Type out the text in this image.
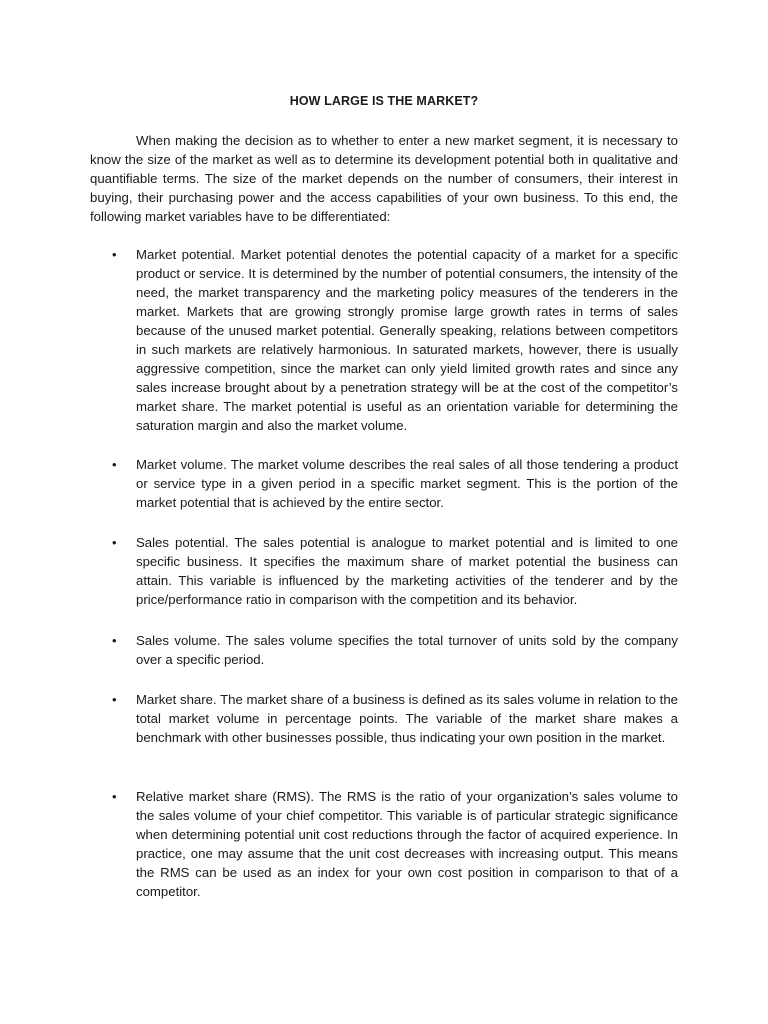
HOW LARGE IS THE MARKET?

When making the decision as to whether to enter a new market segment, it is necessary to know the size of the market as well as to determine its development potential both in qualitative and quantifiable terms. The size of the market depends on the number of consumers, their interest in buying, their purchasing power and the access capabilities of your own business. To this end, the following market variables have to be differentiated:

•	Market potential. Market potential denotes the potential capacity of a market for a specific product or service. It is determined by the number of potential consumers, the intensity of the need, the market transparency and the marketing policy measures of the tenderers in the market. Markets that are growing strongly promise large growth rates in terms of sales because of the unused market potential. Generally speaking, relations between competitors in such markets are relatively harmonious. In saturated markets, however, there is usually aggressive competition, since the market can only yield limited growth rates and since any sales increase brought about by a penetration strategy will be at the cost of the competitor’s market share. The market potential is useful as an orientation variable for determining the saturation margin and also the market volume.

•	Market volume. The market volume describes the real sales of all those tendering a product or service type in a given period in a specific market segment. This is the portion of the market potential that is achieved by the entire sector.

•	Sales potential. The sales potential is analogue to market potential and is limited to one specific business. It specifies the maximum share of market potential the business can attain. This variable is influenced by the marketing activities of the tenderer and by the price/performance ratio in comparison with the competition and its behavior.

•	Sales volume. The sales volume specifies the total turnover of units sold by the company over a specific period.

•	Market share. The market share of a business is defined as its sales volume in relation to the total market volume in percentage points. The variable of the market share makes a benchmark with other businesses possible, thus indicating your own position in the market.

•	Relative market share (RMS). The RMS is the ratio of your organization’s sales volume to the sales volume of your chief competitor. This variable is of particular strategic significance when determining potential unit cost reductions through the factor of acquired experience. In practice, one may assume that the unit cost decreases with increasing output. This means the RMS can be used as an index for your own cost position in comparison to that of a competitor.
